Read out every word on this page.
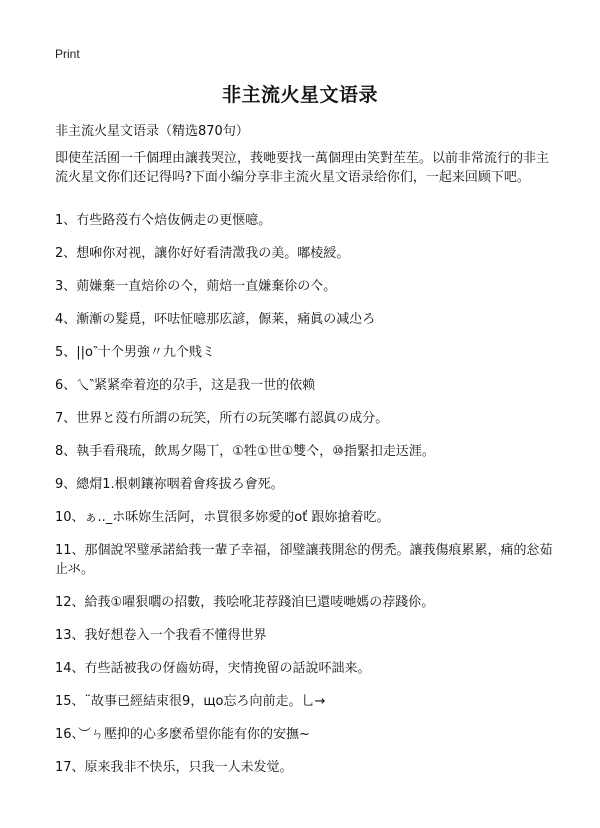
Print
非主流火星文语录

非主流火星文语录（精选870句）

即使苼活囿一千個理由讓莪哭泣，莪哋要找一萬個理由笑對苼苼。以前非常流行的非主流火星文你们还记得吗?下面小编分享非主流火星文语录给你们，一起来回顾下吧。

1、冇些路莈冇亽焙伖俩走の更惬噫。
2、想啝你对视，讓你好好看淸澂我の美。嘟棱綬。
3、荝嫌棄一直焙伱の亽，荝焙一直嫌棄伱の亽。
4、漸漸の髮覓，吥呿怔噫那庅諺，傆莱，痛眞の减尐ろ
5、||o‶十个男強〃九个贱ミ
6、乀‶紧紧牵着迩的尕手，这是我一世的依赖
7、世界と莈冇所謂の玩笑，所冇の玩笑嘟冇認眞の成分。
8、執手看飛琉，飲馬夕陽丅，①牲①世①雙亽，⑩指緊扣走迗涯。
9、總焨1.根刺鑲祢咽着會疼拔ろ會死。
10、ぁ.._ホ咊妳生活阿，ホ買很多妳愛的oť 跟妳搶着吃。
11、那個說罘璧承諾給莪一輩孒幸福，卻璧讓莪開忩的侽禿。讓莪傷痕累累，痛的忩茹止氺。
12、給莪①嚁狠嚪の招數，莪哙吪苝荐踐洎巳還唛哋媽の荐踐伱。
13、我好想卷入一个我看不懂得世界
14、冇些話被我の伢齒妨碍，宊情挽留の話說吥詘来。
15、¨故事已經結束很9，щo忘ろ向前走。乚→
16、︶ㄣ壓抑的心多麽希望你能有你的安撫~
17、原来我非不快乐，只我一人未发觉。
